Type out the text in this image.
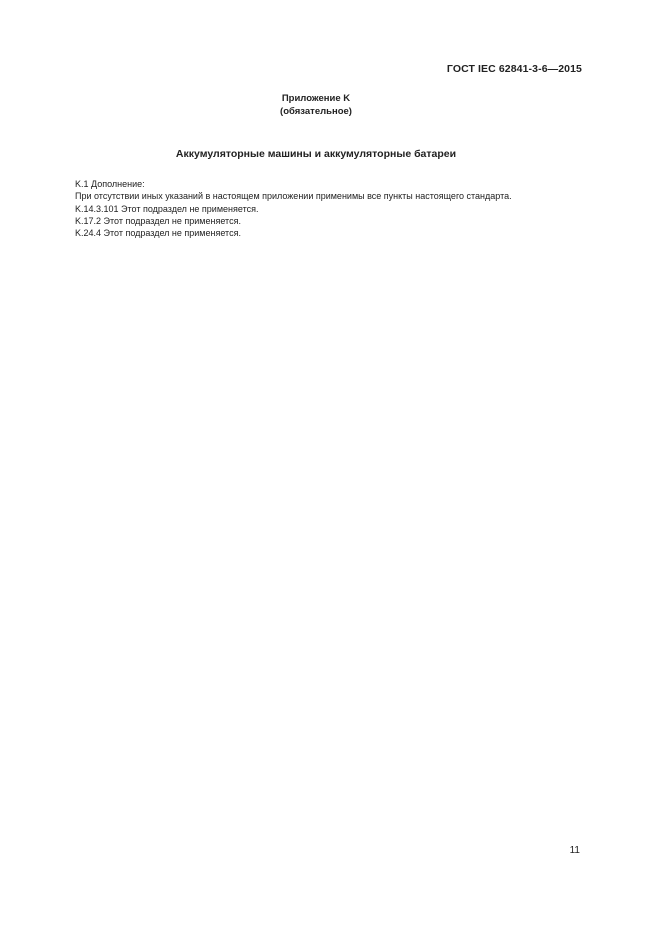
ГОСТ IEC 62841-3-6—2015
Приложение K
(обязательное)
Аккумуляторные машины и аккумуляторные батареи
K.1 Дополнение:
При отсутствии иных указаний в настоящем приложении применимы все пункты настоящего стандарта.
K.14.3.101 Этот подраздел не применяется.
K.17.2 Этот подраздел не применяется.
K.24.4 Этот подраздел не применяется.
11
